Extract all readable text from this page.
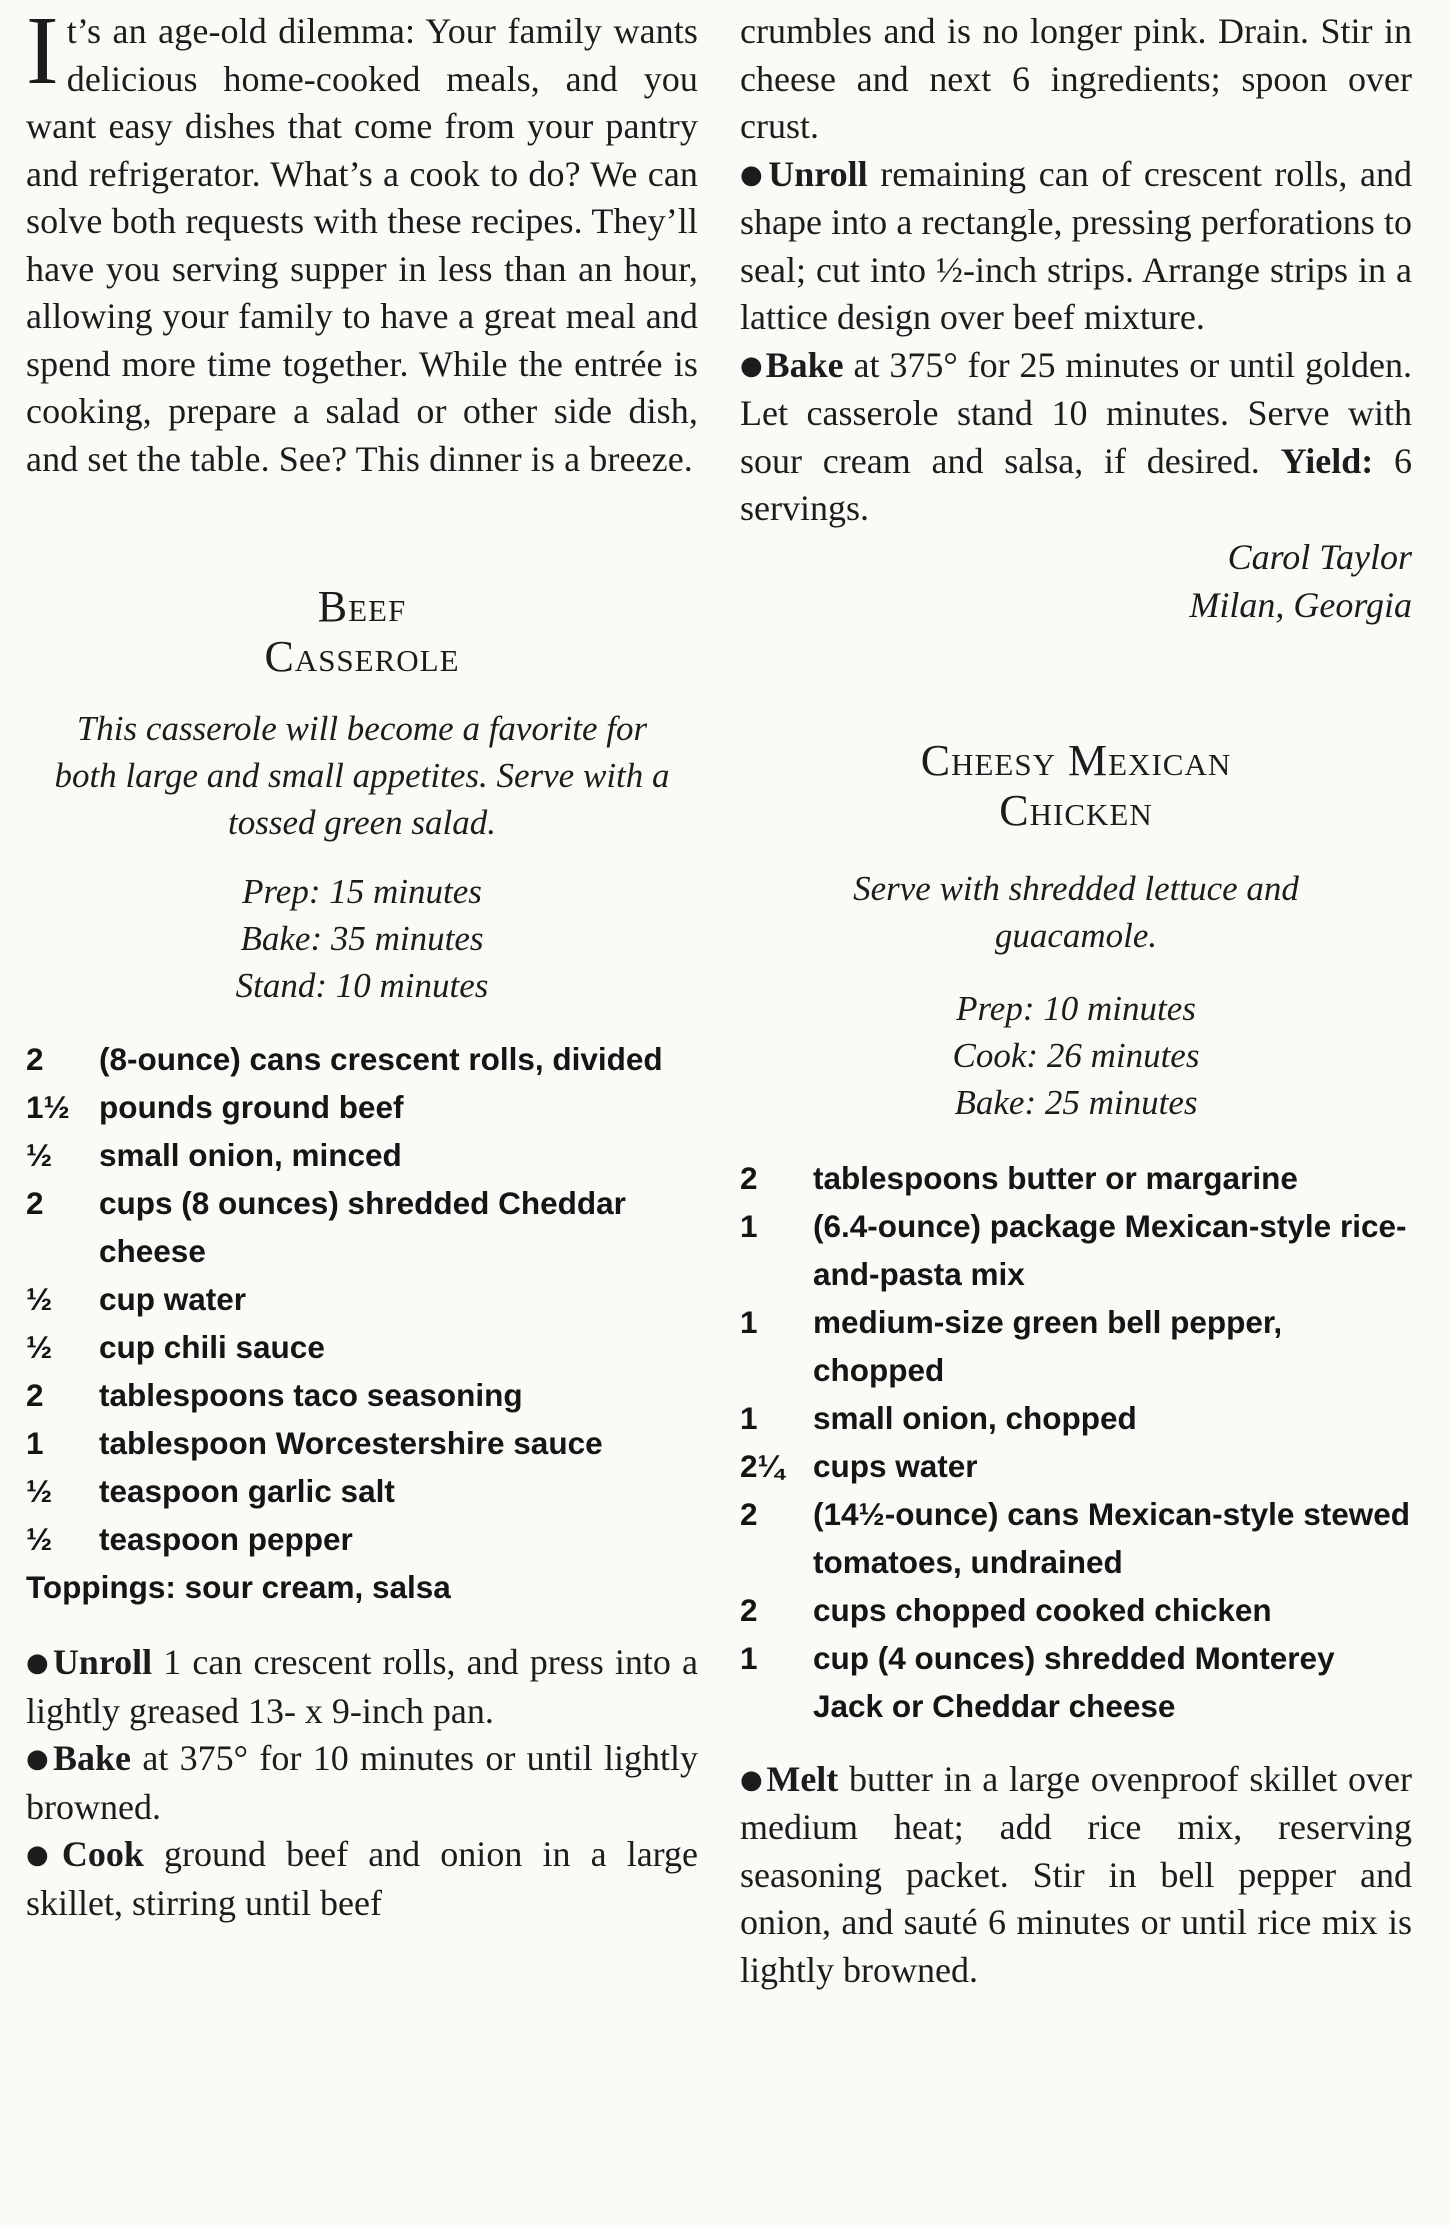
It’s an age-old dilemma: Your family wants delicious home-cooked meals, and you want easy dishes that come from your pantry and refrigerator. What’s a cook to do? We can solve both requests with these recipes. They’ll have you serving supper in less than an hour, allowing your family to have a great meal and spend more time together. While the entrée is cooking, prepare a salad or other side dish, and set the table. See? This dinner is a breeze.

Beef
Casserole

This casserole will become a favorite for both large and small appetites. Serve with a tossed green salad.

Prep: 15 minutes

Bake: 35 minutes

Stand: 10 minutes

2 (8-ounce) cans crescent rolls, divided
1½ pounds ground beef
½ small onion, minced
2 cups (8 ounces) shredded Cheddar cheese
½ cup water
½ cup chili sauce
2 tablespoons taco seasoning
1 tablespoon Worcestershire sauce
½ teaspoon garlic salt
½ teaspoon pepper
Toppings: sour cream, salsa

●Unroll 1 can crescent rolls, and press into a lightly greased 13- x 9-inch pan.

●Bake at 375° for 10 minutes or until lightly browned.

●Cook ground beef and onion in a large skillet, stirring until beef

crumbles and is no longer pink. Drain. Stir in cheese and next 6 ingredients; spoon over crust.

●Unroll remaining can of crescent rolls, and shape into a rectangle, pressing perforations to seal; cut into ½-inch strips. Arrange strips in a lattice design over beef mixture.

●Bake at 375° for 25 minutes or until golden. Let casserole stand 10 minutes. Serve with sour cream and salsa, if desired. Yield: 6 servings.

Carol Taylor

Milan, Georgia

Cheesy Mexican
Chicken

Serve with shredded lettuce and guacamole.

Prep: 10 minutes

Cook: 26 minutes

Bake: 25 minutes

2 tablespoons butter or margarine
1 (6.4-ounce) package Mexican-style rice-and-pasta mix
1 medium-size green bell pepper, chopped
1 small onion, chopped
2¼ cups water
2 (14½-ounce) cans Mexican-style stewed tomatoes, undrained
2 cups chopped cooked chicken
1 cup (4 ounces) shredded Monterey Jack or Cheddar cheese

●Melt butter in a large ovenproof skillet over medium heat; add rice mix, reserving seasoning packet. Stir in bell pepper and onion, and sauté 6 minutes or until rice mix is lightly browned.
